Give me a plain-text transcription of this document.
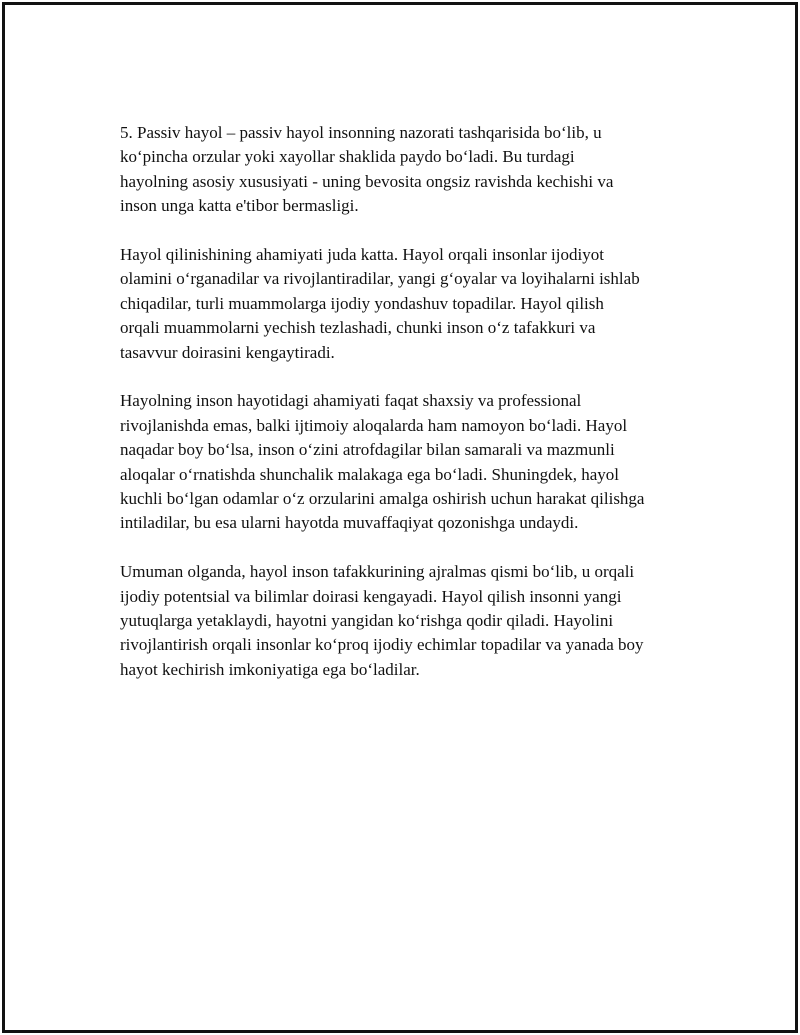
5. Passiv hayol – passiv hayol insonning nazorati tashqarisida bo‘lib, u
ko‘pincha orzular yoki xayollar shaklida paydo bo‘ladi. Bu turdagi
hayolning asosiy xususiyati - uning bevosita ongsiz ravishda kechishi va
inson unga katta e'tibor bermasligi.

Hayol qilinishining ahamiyati juda katta. Hayol orqali insonlar ijodiyot
olamini o‘rganadilar va rivojlantiradilar, yangi g‘oyalar va loyihalarni ishlab
chiqadilar, turli muammolarga ijodiy yondashuv topadilar. Hayol qilish
orqali muammolarni yechish tezlashadi, chunki inson o‘z tafakkuri va
tasavvur doirasini kengaytiradi.

Hayolning inson hayotidagi ahamiyati faqat shaxsiy va professional
rivojlanishda emas, balki ijtimoiy aloqalarda ham namoyon bo‘ladi. Hayol
naqadar boy bo‘lsa, inson o‘zini atrofdagilar bilan samarali va mazmunli
aloqalar o‘rnatishda shunchalik malakaga ega bo‘ladi. Shuningdek, hayol
kuchli bo‘lgan odamlar o‘z orzularini amalga oshirish uchun harakat qilishga
intiladilar, bu esa ularni hayotda muvaffaqiyat qozonishga undaydi.

Umuman olganda, hayol inson tafakkurining ajralmas qismi bo‘lib, u orqali
ijodiy potentsial va bilimlar doirasi kengayadi. Hayol qilish insonni yangi
yutuqlarga yetaklaydi, hayotni yangidan ko‘rishga qodir qiladi. Hayolini
rivojlantirish orqali insonlar ko‘proq ijodiy echimlar topadilar va yanada boy
hayot kechirish imkoniyatiga ega bo‘ladilar.
